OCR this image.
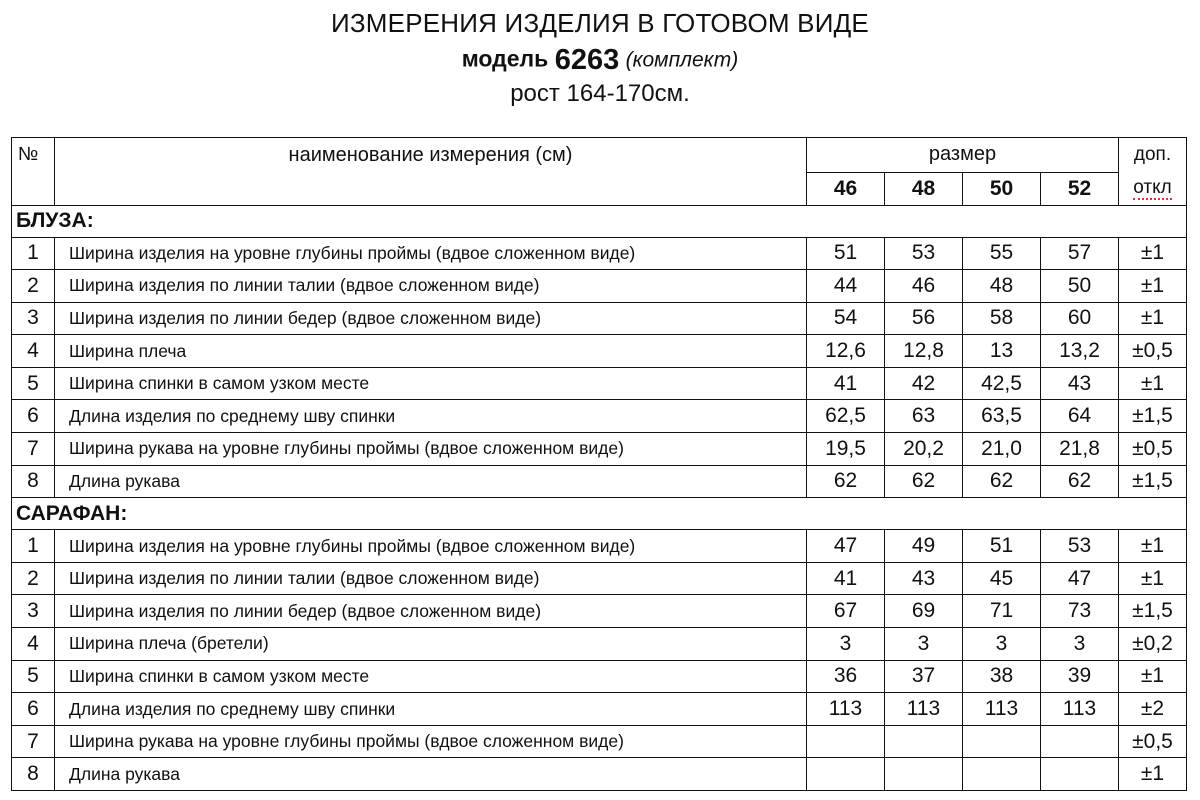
ИЗМЕРЕНИЯ ИЗДЕЛИЯ В ГОТОВОМ ВИДЕ
модель 6263 (комплект)
рост 164-170см.
№	наименование измерения (см)	размер				доп.
		46	48	50	52	откл
БЛУЗА:						
1	Ширина изделия на уровне глубины проймы (вдвое сложенном виде)	51	53	55	57	±1
2	Ширина изделия по линии талии (вдвое сложенном виде)	44	46	48	50	±1
3	Ширина изделия по линии бедер (вдвое сложенном виде)	54	56	58	60	±1
4	Ширина плеча	12,6	12,8	13	13,2	±0,5
5	Ширина спинки в самом узком месте	41	42	42,5	43	±1
6	Длина изделия по среднему шву спинки	62,5	63	63,5	64	±1,5
7	Ширина рукава на уровне глубины проймы (вдвое сложенном виде)	19,5	20,2	21,0	21,8	±0,5
8	Длина рукава	62	62	62	62	±1,5
САРАФАН:						
1	Ширина изделия на уровне глубины проймы (вдвое сложенном виде)	47	49	51	53	±1
2	Ширина изделия по линии талии (вдвое сложенном виде)	41	43	45	47	±1
3	Ширина изделия по линии бедер (вдвое сложенном виде)	67	69	71	73	±1,5
4	Ширина плеча (бретели)	3	3	3	3	±0,2
5	Ширина спинки в самом узком месте	36	37	38	39	±1
6	Длина изделия по среднему шву спинки	113	113	113	113	±2
7	Ширина рукава на уровне глубины проймы (вдвое сложенном виде)					±0,5
8	Длина рукава					±1
